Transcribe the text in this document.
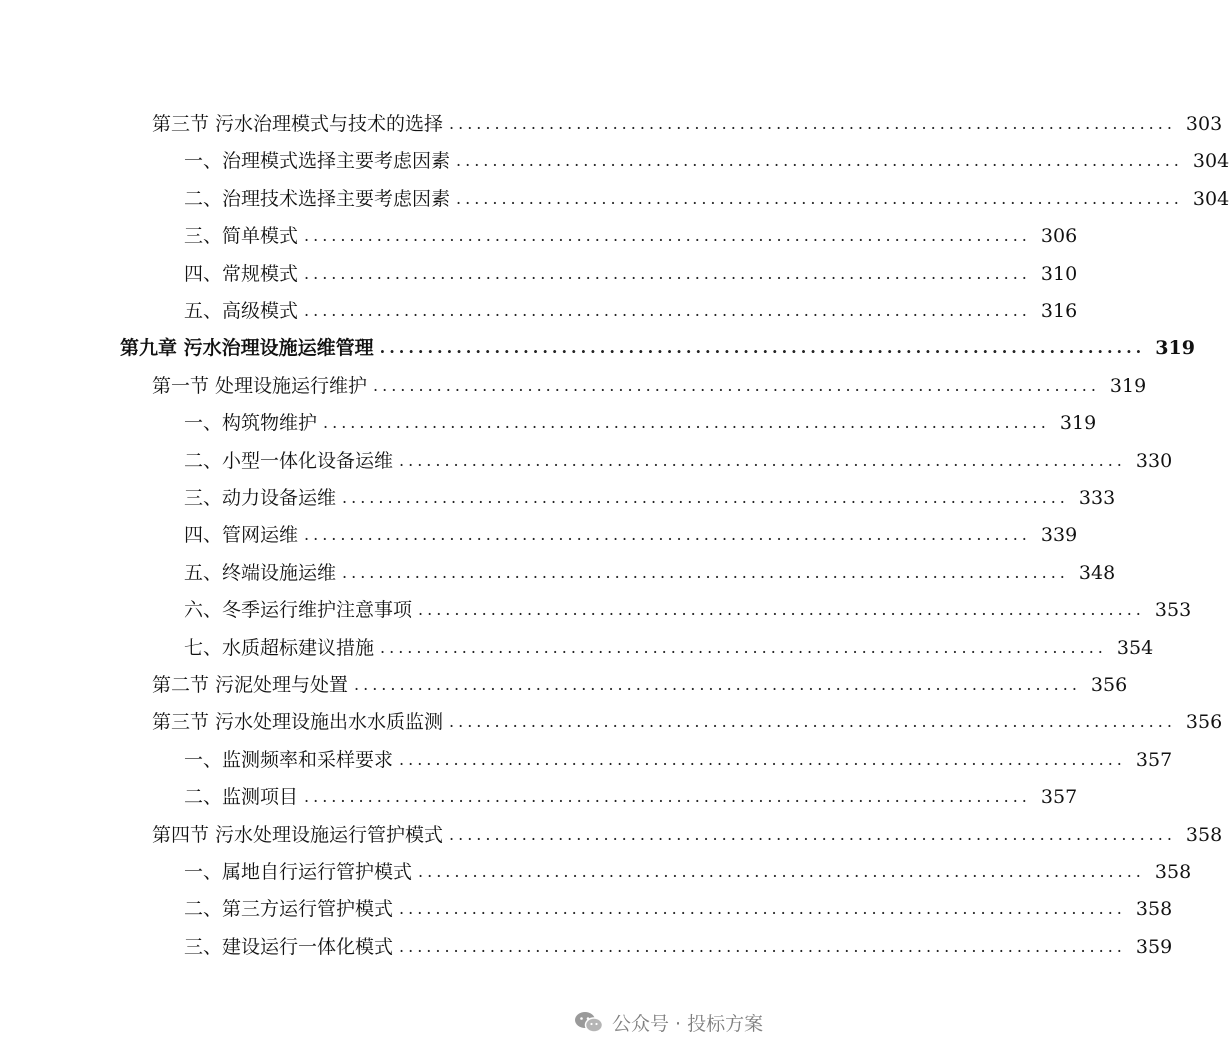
第三节 污水治理模式与技术的选择 ................................................................................ 303
一、治理模式选择主要考虑因素 ................................................................................ 304
二、治理技术选择主要考虑因素 ................................................................................ 304
三、简单模式 ................................................................................ 306
四、常规模式 ................................................................................ 310
五、高级模式 ................................................................................ 316
第九章 污水治理设施运维管理 ................................................................................ 319
第一节 处理设施运行维护 ................................................................................ 319
一、构筑物维护 ................................................................................ 319
二、小型一体化设备运维 ................................................................................ 330
三、动力设备运维 ................................................................................ 333
四、管网运维 ................................................................................ 339
五、终端设施运维 ................................................................................ 348
六、冬季运行维护注意事项 ................................................................................ 353
七、水质超标建议措施 ................................................................................ 354
第二节 污泥处理与处置 ................................................................................ 356
第三节 污水处理设施出水水质监测 ................................................................................ 356
一、监测频率和采样要求 ................................................................................ 357
二、监测项目 ................................................................................ 357
第四节 污水处理设施运行管护模式 ................................................................................ 358
一、属地自行运行管护模式 ................................................................................ 358
二、第三方运行管护模式 ................................................................................ 358
三、建设运行一体化模式 ................................................................................ 359
公众号 · 投标方案
